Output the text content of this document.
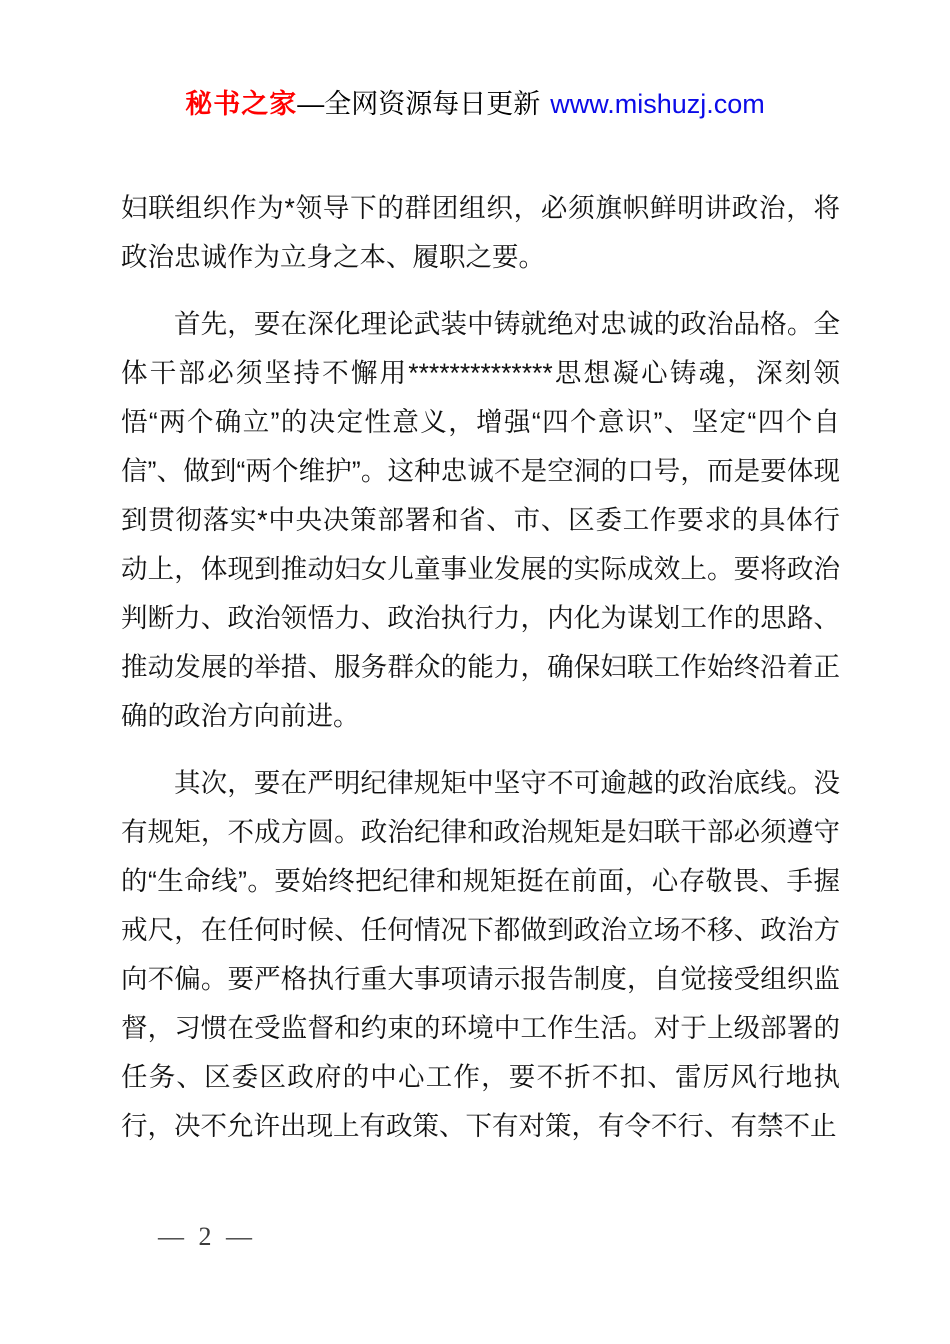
秘书之家—全网资源每日更新 www.mishuzj.com

妇联组织作为*领导下的群团组织，必须旗帜鲜明讲政治，将政治忠诚作为立身之本、履职之要。

首先，要在深化理论武装中铸就绝对忠诚的政治品格。全体干部必须坚持不懈用**************思想凝心铸魂，深刻领悟“两个确立”的决定性意义，增强“四个意识”、坚定“四个自信”、做到“两个维护”。这种忠诚不是空洞的口号，而是要体现到贯彻落实*中央决策部署和省、市、区委工作要求的具体行动上，体现到推动妇女儿童事业发展的实际成效上。要将政治判断力、政治领悟力、政治执行力，内化为谋划工作的思路、推动发展的举措、服务群众的能力，确保妇联工作始终沿着正确的政治方向前进。

其次，要在严明纪律规矩中坚守不可逾越的政治底线。没有规矩，不成方圆。政治纪律和政治规矩是妇联干部必须遵守的“生命线”。要始终把纪律和规矩挺在前面，心存敬畏、手握戒尺，在任何时候、任何情况下都做到政治立场不移、政治方向不偏。要严格执行重大事项请示报告制度，自觉接受组织监督，习惯在受监督和约束的环境中工作生活。对于上级部署的任务、区委区政府的中心工作，要不折不扣、雷厉风行地执行，决不允许出现上有政策、下有对策，有令不行、有禁不止

— 2 —
